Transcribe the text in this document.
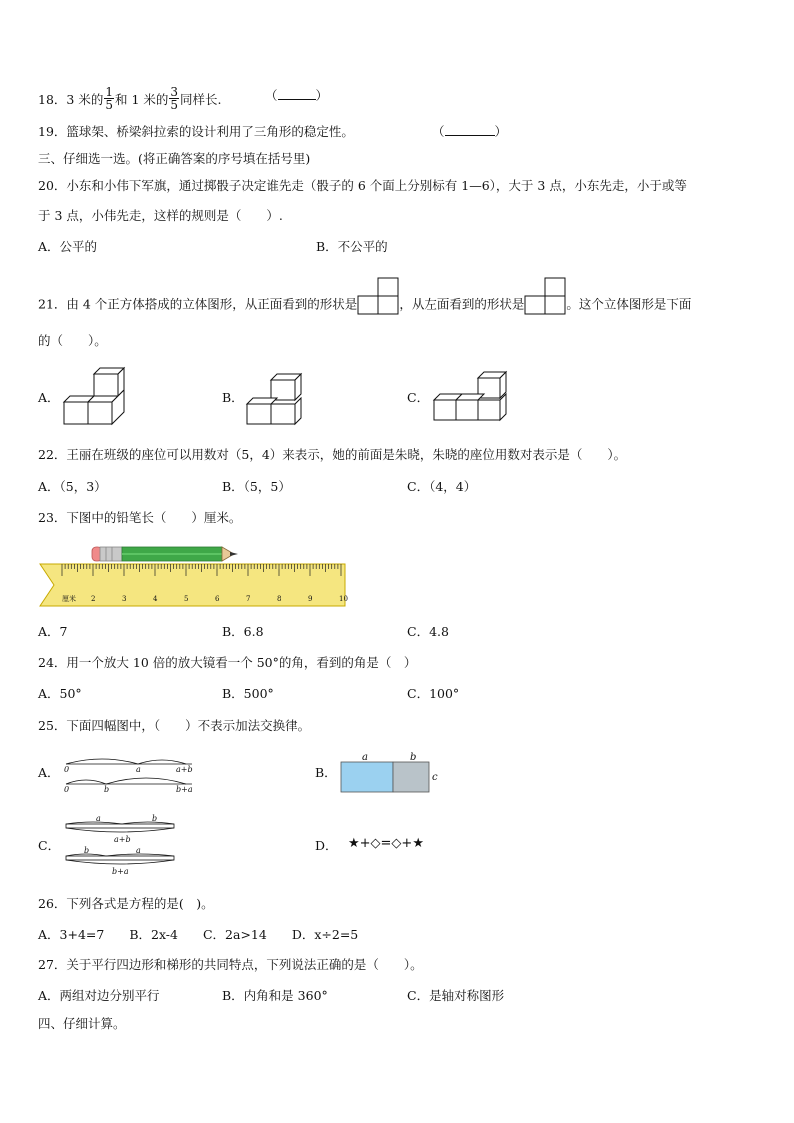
18．3 米的 $\frac{1}{5}$ 和 1 米的 $\frac{3}{5}$ 同样长.	（	）
19．篮球架、桥梁斜拉索的设计利用了三角形的稳定性。	（	）
三、仔细选一选。(将正确答案的序号填在括号里)
20．小东和小伟下军旗，通过掷骰子决定谁先走（骰子的 6 个面上分别标有 1—6），大于 3 点，小东先走，小于或等
于 3 点，小伟先走，这样的规则是（　　）.
A．公平的	B．不公平的
21．由 4 个正方体搭成的立体图形，从正面看到的形状是	，从左面看到的形状是	。这个立体图形是下面
的（　　）。
A．	B．	C．
22．王丽在班级的座位可以用数对（5，4）来表示，她的前面是朱晓，朱晓的座位用数对表示是（　　）。
A．（5，3）	B．（5，5）	C．（4，4）
23．下图中的铅笔长（　　）厘米。
厘米 2	3	4	5	6	7	8	9	10
A．7	B．6.8	C．4.8
24．用一个放大 10 倍的放大镜看一个 50°的角，看到的角是（　）
A．50°	B．500°	C．100°
25．下面四幅图中，（　　）不表示加法交换律。
A． 0	a	a+b
0	b	b+a
B．
a	b
c
C．
a	b
a+b
b	a
b+a
D． ★+◇=◇+★
26．下列各式是方程的是(　)。
A．3+4=7　　B．2x-4　　C．2a>14　　D．x÷2=5
27．关于平行四边形和梯形的共同特点，下列说法正确的是（　　）。
A．两组对边分别平行	B．内角和是 360°	C．是轴对称图形
四、仔细计算。
